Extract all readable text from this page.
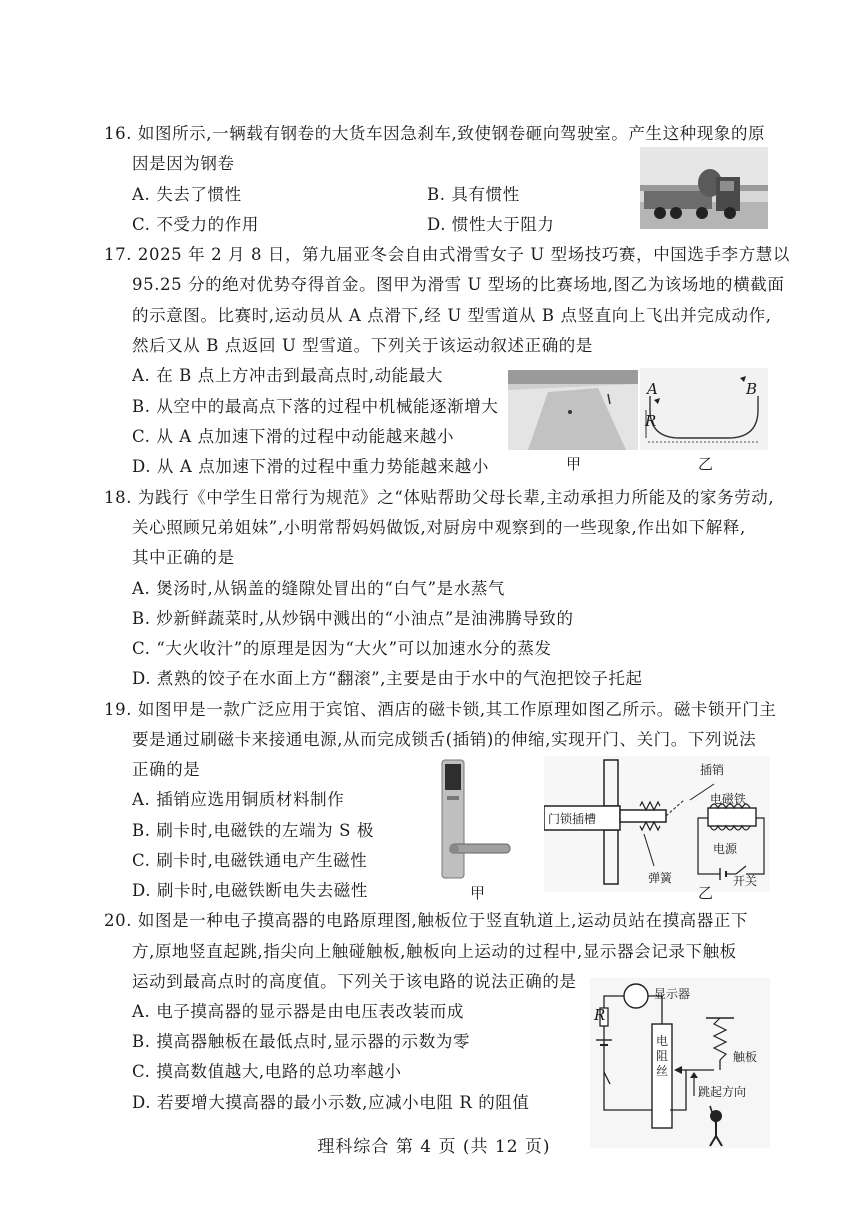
16. 如图所示,一辆载有钢卷的大货车因急刹车,致使钢卷砸向驾驶室。产生这种现象的原
因是因为钢卷
A. 失去了惯性	B. 具有惯性
C. 不受力的作用	D. 惯性大于阻力
17. 2025 年 2 月 8 日，第九届亚冬会自由式滑雪女子 U 型场技巧赛，中国选手李方慧以
95.25 分的绝对优势夺得首金。图甲为滑雪 U 型场的比赛场地,图乙为该场地的横截面
的示意图。比赛时,运动员从 A 点滑下,经 U 型雪道从 B 点竖直向上飞出并完成动作,
然后又从 B 点返回 U 型雪道。下列关于该运动叙述正确的是
A. 在 B 点上方冲击到最高点时,动能最大
B. 从空中的最高点下落的过程中机械能逐渐增大
C. 从 A 点加速下滑的过程中动能越来越小
D. 从 A 点加速下滑的过程中重力势能越来越小	甲
A	B
R
乙
18. 为践行《中学生日常行为规范》之“体贴帮助父母长辈,主动承担力所能及的家务劳动,
关心照顾兄弟姐妹”,小明常帮妈妈做饭,对厨房中观察到的一些现象,作出如下解释,
其中正确的是
A. 煲汤时,从锅盖的缝隙处冒出的“白气”是水蒸气
B. 炒新鲜蔬菜时,从炒锅中溅出的“小油点”是油沸腾导致的
C. “大火收汁”的原理是因为“大火”可以加速水分的蒸发
D. 煮熟的饺子在水面上方“翻滚”,主要是由于水中的气泡把饺子托起
19. 如图甲是一款广泛应用于宾馆、酒店的磁卡锁,其工作原理如图乙所示。磁卡锁开门主
要是通过刷磁卡来接通电源,从而完成锁舌(插销)的伸缩,实现开门、关门。下列说法
正确的是
A. 插销应选用铜质材料制作
B. 刷卡时,电磁铁的左端为 S 极
C. 刷卡时,电磁铁通电产生磁性
D. 刷卡时,电磁铁断电失去磁性	甲
插销
电磁铁
门锁插槽
电源
弹簧	开关
乙
20. 如图是一种电子摸高器的电路原理图,触板位于竖直轨道上,运动员站在摸高器正下
方,原地竖直起跳,指尖向上触碰触板,触板向上运动的过程中,显示器会记录下触板
运动到最高点时的高度值。下列关于该电路的说法正确的是
A. 电子摸高器的显示器是由电压表改装而成
B. 摸高器触板在最低点时,显示器的示数为零
C. 摸高数值越大,电路的总功率越小
D. 若要增大摸高器的最小示数,应减小电阻 R 的阻值
显示器
R
电阻丝
触板
跳起方向
理科综合 第 4 页 (共 12 页)
